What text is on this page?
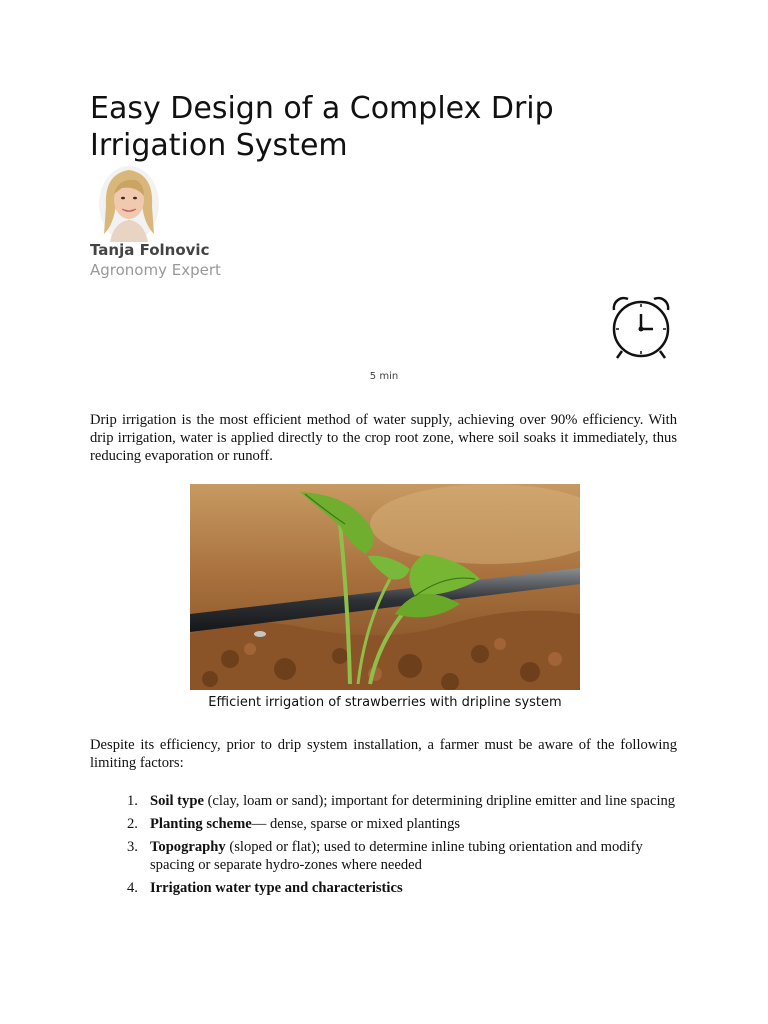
Easy Design of a Complex Drip Irrigation System
Tanja Folnovic
Agronomy Expert
5 min

Drip irrigation is the most efficient method of water supply, achieving over 90% efficiency. With drip irrigation, water is applied directly to the crop root zone, where soil soaks it immediately, thus reducing evaporation or runoff.

Efficient irrigation of strawberries with dripline system

Despite its efficiency, prior to drip system installation, a farmer must be aware of the following limiting factors:

1. Soil type (clay, loam or sand); important for determining dripline emitter and line spacing
2. Planting scheme— dense, sparse or mixed plantings
3. Topography (sloped or flat); used to determine inline tubing orientation and modify spacing or separate hydro-zones where needed
4. Irrigation water type and characteristics
